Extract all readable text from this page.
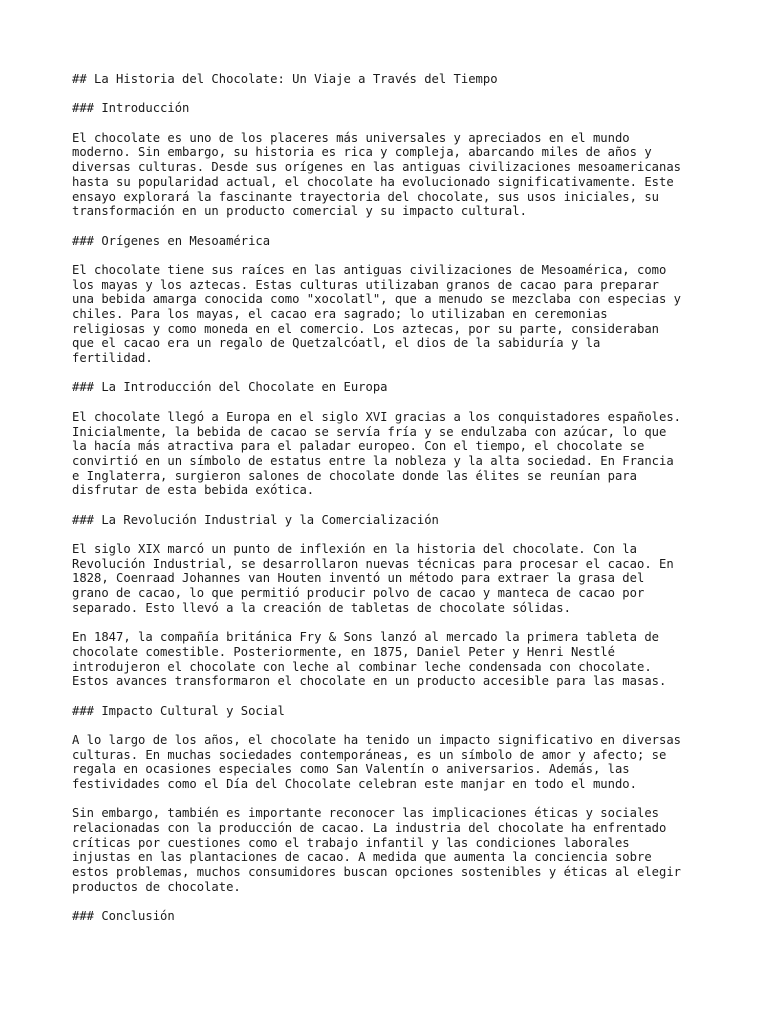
## La Historia del Chocolate: Un Viaje a Través del Tiempo
### Introducción
El chocolate es uno de los placeres más universales y apreciados en el mundo
moderno. Sin embargo, su historia es rica y compleja, abarcando miles de años y
diversas culturas. Desde sus orígenes en las antiguas civilizaciones mesoamericanas
hasta su popularidad actual, el chocolate ha evolucionado significativamente. Este
ensayo explorará la fascinante trayectoria del chocolate, sus usos iniciales, su
transformación en un producto comercial y su impacto cultural.
### Orígenes en Mesoamérica
El chocolate tiene sus raíces en las antiguas civilizaciones de Mesoamérica, como
los mayas y los aztecas. Estas culturas utilizaban granos de cacao para preparar
una bebida amarga conocida como "xocolatl", que a menudo se mezclaba con especias y
chiles. Para los mayas, el cacao era sagrado; lo utilizaban en ceremonias
religiosas y como moneda en el comercio. Los aztecas, por su parte, consideraban
que el cacao era un regalo de Quetzalcóatl, el dios de la sabiduría y la
fertilidad.
### La Introducción del Chocolate en Europa
El chocolate llegó a Europa en el siglo XVI gracias a los conquistadores españoles.
Inicialmente, la bebida de cacao se servía fría y se endulzaba con azúcar, lo que
la hacía más atractiva para el paladar europeo. Con el tiempo, el chocolate se
convirtió en un símbolo de estatus entre la nobleza y la alta sociedad. En Francia
e Inglaterra, surgieron salones de chocolate donde las élites se reunían para
disfrutar de esta bebida exótica.
### La Revolución Industrial y la Comercialización
El siglo XIX marcó un punto de inflexión en la historia del chocolate. Con la
Revolución Industrial, se desarrollaron nuevas técnicas para procesar el cacao. En
1828, Coenraad Johannes van Houten inventó un método para extraer la grasa del
grano de cacao, lo que permitió producir polvo de cacao y manteca de cacao por
separado. Esto llevó a la creación de tabletas de chocolate sólidas.
En 1847, la compañía británica Fry & Sons lanzó al mercado la primera tableta de
chocolate comestible. Posteriormente, en 1875, Daniel Peter y Henri Nestlé
introdujeron el chocolate con leche al combinar leche condensada con chocolate.
Estos avances transformaron el chocolate en un producto accesible para las masas.
### Impacto Cultural y Social
A lo largo de los años, el chocolate ha tenido un impacto significativo en diversas
culturas. En muchas sociedades contemporáneas, es un símbolo de amor y afecto; se
regala en ocasiones especiales como San Valentín o aniversarios. Además, las
festividades como el Día del Chocolate celebran este manjar en todo el mundo.
Sin embargo, también es importante reconocer las implicaciones éticas y sociales
relacionadas con la producción de cacao. La industria del chocolate ha enfrentado
críticas por cuestiones como el trabajo infantil y las condiciones laborales
injustas en las plantaciones de cacao. A medida que aumenta la conciencia sobre
estos problemas, muchos consumidores buscan opciones sostenibles y éticas al elegir
productos de chocolate.
### Conclusión
